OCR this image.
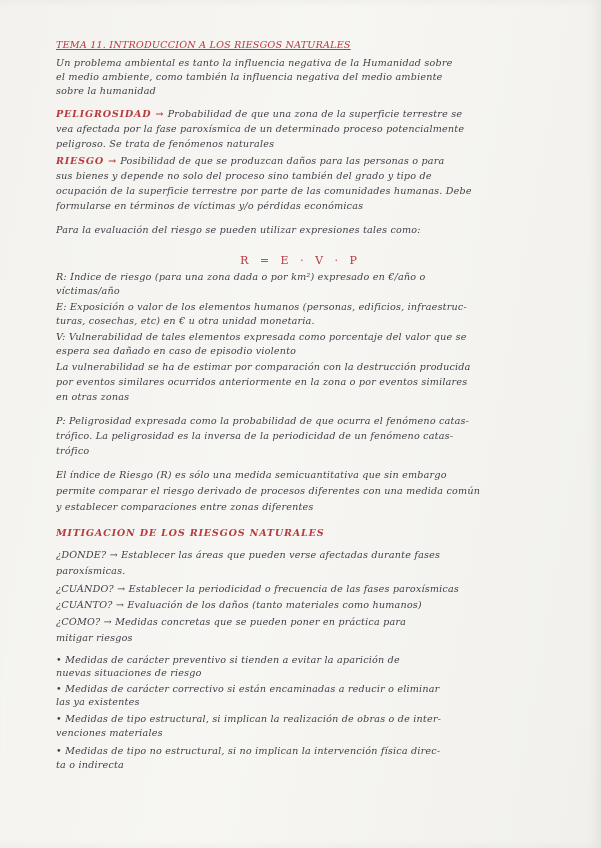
TEMA 11. INTRODUCCIÓN A LOS RIESGOS NATURALES
Un problema ambiental es tanto la influencia negativa de la Humanidad sobre
el medio ambiente, como también la influencia negativa del medio ambiente
sobre la humanidad
PELIGROSIDAD → Probabilidad de que una zona de la superficie terrestre se
vea afectada por la fase paroxísmica de un determinado proceso potencialmente
peligroso. Se trata de fenómenos naturales
RIESGO → Posibilidad de que se produzcan daños para las personas o para
sus bienes y depende no solo del proceso sino también del grado y tipo de
ocupación de la superficie terrestre por parte de las comunidades humanas. Debe
formularse en términos de víctimas y/o pérdidas económicas
Para la evaluación del riesgo se pueden utilizar expresiones tales como:
R = E · V · P
R: Índice de riesgo (para una zona dada o por km²) expresado en €/año o
víctimas/año
E: Exposición o valor de los elementos humanos (personas, edificios, infraestruc-
turas, cosechas, etc) en € u otra unidad monetaria.
V: Vulnerabilidad de tales elementos expresada como porcentaje del valor que se
espera sea dañado en caso de episodio violento
La vulnerabilidad se ha de estimar por comparación con la destrucción producida
por eventos similares ocurridos anteriormente en la zona o por eventos similares
en otras zonas
P: Peligrosidad expresada como la probabilidad de que ocurra el fenómeno catas-
trófico. La peligrosidad es la inversa de la periodicidad de un fenómeno catas-
trófico
El índice de Riesgo (R) es sólo una medida semicuantitativa que sin embargo
permite comparar el riesgo derivado de procesos diferentes con una medida común
y establecer comparaciones entre zonas diferentes
MITIGACIÓN DE LOS RIESGOS NATURALES
¿DÓNDE? → Establecer las áreas que pueden verse afectadas durante fases
paroxísmicas.
¿CUÁNDO? → Establecer la periodicidad o frecuencia de las fases paroxísmicas
¿CUÁNTO? → Evaluación de los daños (tanto materiales como humanos)
¿CÓMO? → Medidas concretas que se pueden poner en práctica para
mitigar riesgos
• Medidas de carácter preventivo si tienden a evitar la aparición de
nuevas situaciones de riesgo
• Medidas de carácter correctivo si están encaminadas a reducir o eliminar
las ya existentes
• Medidas de tipo estructural, si implican la realización de obras o de inter-
venciones materiales
• Medidas de tipo no estructural, si no implican la intervención física direc-
ta o indirecta
